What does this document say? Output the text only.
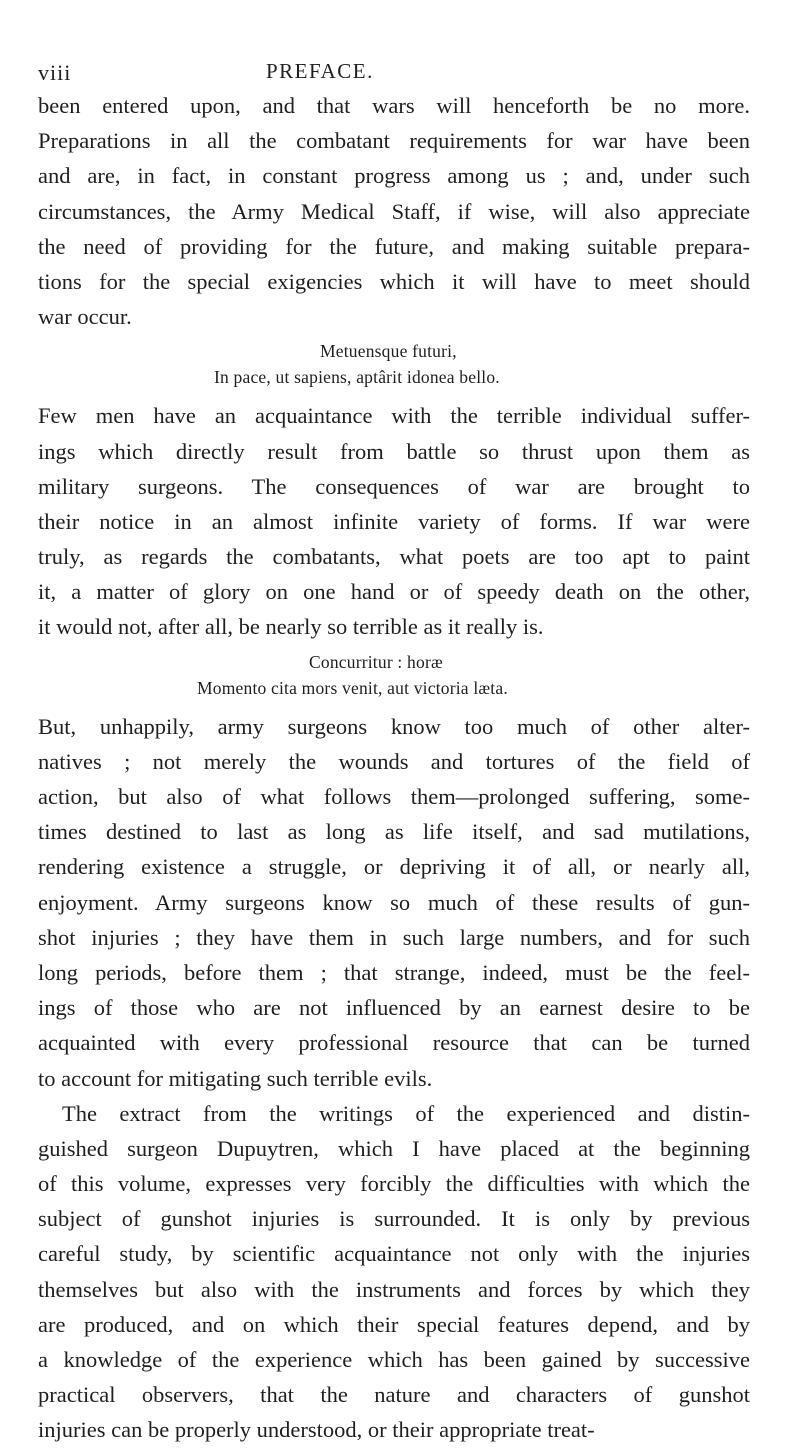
viii	PREFACE.
been entered upon, and that wars will henceforth be no more.
Preparations in all the combatant requirements for war have been
and are, in fact, in constant progress among us ; and, under such
circumstances, the Army Medical Staff, if wise, will also appreciate
the need of providing for the future, and making suitable prepara-
tions for the special exigencies which it will have to meet should
war occur.
Metuensque futuri,
In pace, ut sapiens, aptârit idonea bello.
Few men have an acquaintance with the terrible individual suffer-
ings which directly result from battle so thrust upon them as
military surgeons. The consequences of war are brought to
their notice in an almost infinite variety of forms. If war were
truly, as regards the combatants, what poets are too apt to paint
it, a matter of glory on one hand or of speedy death on the other,
it would not, after all, be nearly so terrible as it really is.
Concurritur : horæ
Momento cita mors venit, aut victoria læta.
But, unhappily, army surgeons know too much of other alter-
natives ; not merely the wounds and tortures of the field of
action, but also of what follows them—prolonged suffering, some-
times destined to last as long as life itself, and sad mutilations,
rendering existence a struggle, or depriving it of all, or nearly all,
enjoyment. Army surgeons know so much of these results of gun-
shot injuries ; they have them in such large numbers, and for such
long periods, before them ; that strange, indeed, must be the feel-
ings of those who are not influenced by an earnest desire to be
acquainted with every professional resource that can be turned
to account for mitigating such terrible evils.
The extract from the writings of the experienced and distin-
guished surgeon Dupuytren, which I have placed at the beginning
of this volume, expresses very forcibly the difficulties with which the
subject of gunshot injuries is surrounded. It is only by previous
careful study, by scientific acquaintance not only with the injuries
themselves but also with the instruments and forces by which they
are produced, and on which their special features depend, and by
a knowledge of the experience which has been gained by successive
practical observers, that the nature and characters of gunshot
injuries can be properly understood, or their appropriate treat-
